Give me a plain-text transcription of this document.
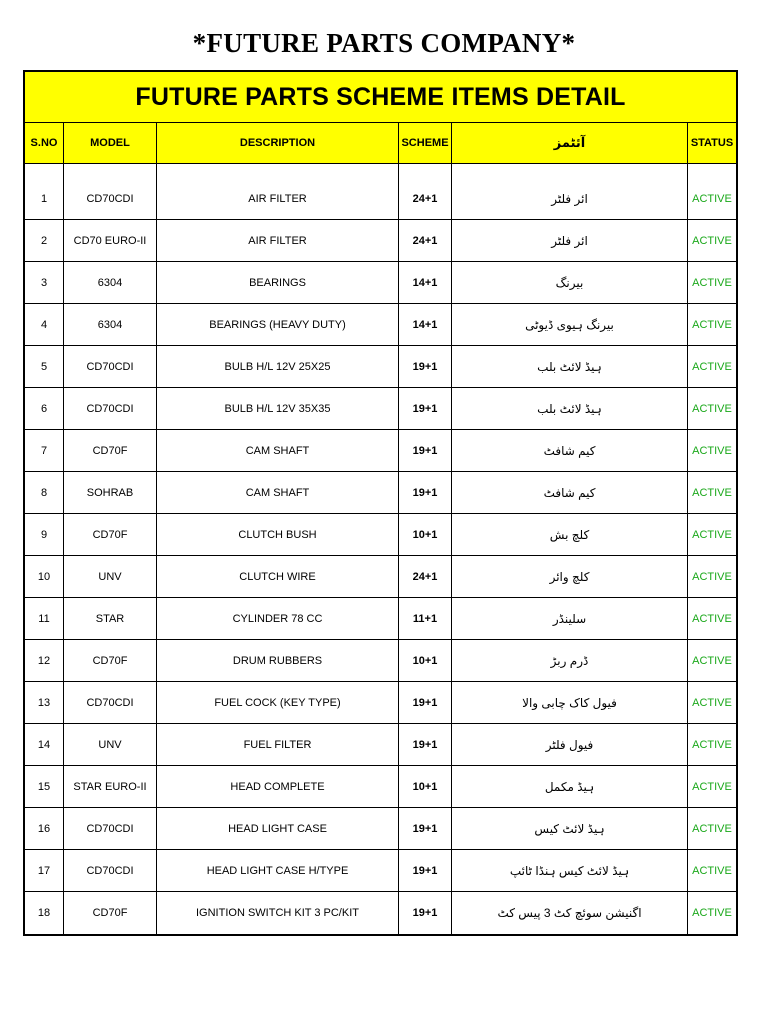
*FUTURE PARTS COMPANY*
FUTURE PARTS SCHEME ITEMS DETAIL
S.NO	MODEL	DESCRIPTION	SCHEME	آئٹمز	STATUS
1	CD70CDI	AIR FILTER	24+1	ائر فلٹر	ACTIVE
2	CD70 EURO-II	AIR FILTER	24+1	ائر فلٹر	ACTIVE
3	6304	BEARINGS	14+1	بیرنگ	ACTIVE
4	6304	BEARINGS (HEAVY DUTY)	14+1	بیرنگ ہیوی ڈیوٹی	ACTIVE
5	CD70CDI	BULB H/L 12V 25X25	19+1	ہیڈ لائٹ بلب	ACTIVE
6	CD70CDI	BULB H/L 12V 35X35	19+1	ہیڈ لائٹ بلب	ACTIVE
7	CD70F	CAM SHAFT	19+1	کیم شافٹ	ACTIVE
8	SOHRAB	CAM SHAFT	19+1	کیم شافٹ	ACTIVE
9	CD70F	CLUTCH BUSH	10+1	کلچ بش	ACTIVE
10	UNV	CLUTCH WIRE	24+1	کلچ وائر	ACTIVE
11	STAR	CYLINDER 78 CC	11+1	سلینڈر	ACTIVE
12	CD70F	DRUM RUBBERS	10+1	ڈرم ربڑ	ACTIVE
13	CD70CDI	FUEL COCK (KEY TYPE)	19+1	فیول کاک چابی والا	ACTIVE
14	UNV	FUEL FILTER	19+1	فیول فلٹر	ACTIVE
15	STAR EURO-II	HEAD COMPLETE	10+1	ہیڈ مکمل	ACTIVE
16	CD70CDI	HEAD LIGHT CASE	19+1	ہیڈ لائٹ کیس	ACTIVE
17	CD70CDI	HEAD LIGHT CASE H/TYPE	19+1	ہیڈ لائٹ کیس ہنڈا ٹائپ	ACTIVE
18	CD70F	IGNITION SWITCH KIT 3 PC/KIT	19+1	اگنیشن سوئچ کٹ 3 پیس کٹ	ACTIVE
